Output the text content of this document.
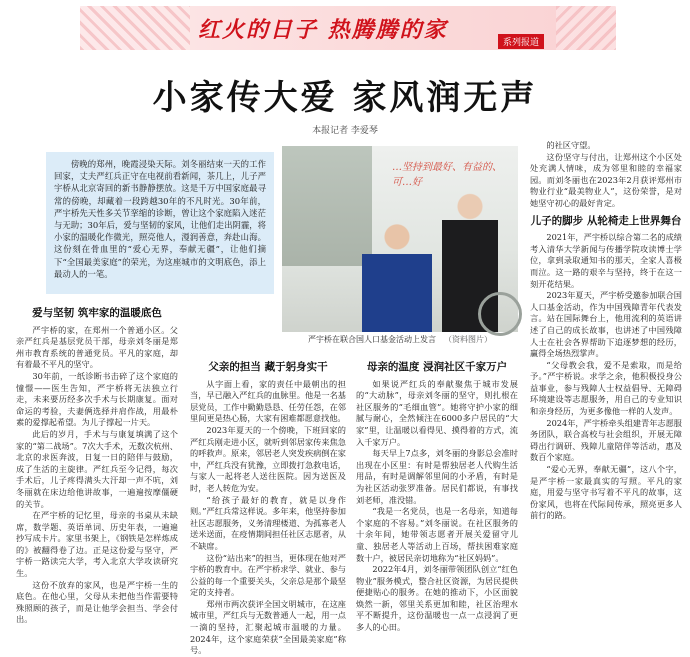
红火的日子 热腾腾的家	系列报道
小家传大爱 家风润无声
本报记者 李爱琴
傍晚的郑州，晚霞浸染天际。刘冬丽结束一天的工作回家，丈夫严红兵正守在电视前看新闻，茶几上，儿子严宇桥从北京寄回的新书静静摆放。这是千万中国家庭最寻常的傍晚，却藏着一段跨越30年的不凡时光。30年前，严宇桥先天性多关节挛缩的诊断，曾让这个家庭陷入迷茫与无助；30年后，爱与坚韧的家风，让他们走出阴霾，将小家的温暖化作微光，照亮他人，漫润善意，奔赴山海。这份刻在骨血里的“爱心无界，奉献无疆”，让他们摘下“全国最美家庭”的荣光，为这座城市的文明底色，添上最动人的一笔。
…坚持到最好、有益的、可…好
严宇桥在联合国人口基金活动上发言 （资料图片）
爱与坚韧 筑牢家的温暖底色

严宇桥的家，在郑州一个普通小区。父亲严红兵是基层党员干部，母亲刘冬丽是郑州市教育系统的普通党员。平凡的家庭，却有着最不平凡的坚守。

30年前，一纸诊断书击碎了这个家庭的憧憬——医生告知，严宇桥将无法独立行走，未来要历经多次手术与长期康复。面对命运的考验，夫妻俩选择并肩作战，用最朴素的爱撑起希望。为儿子撑起一片天。

此后的岁月，手术与与康复填满了这个家的“第二战场”。7次大手术，无数次杭州、北京的求医奔波，日复一日的陪伴与鼓励，成了生活的主旋律。严红兵至今记得，每次手术后，儿子疼得满头大汗却一声不吭，刘冬丽就在床边给他讲故事，一遍遍按摩僵硬的关节。

在严宇桥的记忆里，母亲的书桌从未缺席，数学题、英语单词、历史年表，一遍遍抄写成卡片。家里书架上，《钢铁是怎样炼成的》被翻得卷了边。正是这份爱与坚守，严宇桥一路读完大学，考入北京大学攻读研究生。

这份不放弃的家风，也是严宇桥一生的底色。在他心里，父母从未把他当作需要特殊照顾的孩子，而是让他学会担当、学会付出。

父亲的担当 藏于躬身实干

从字面上看，家的责任中最朝出的担当，早已融入严红兵的血脉里。他是一名基层党员，工作中勤勤恳恳、任劳任怨，在邻里间更是热心肠，大家有困难都愿意找他。

2023年夏天的一个傍晚，下班回家的严红兵刚走进小区，就听到邻居家传来焦急的呼救声。原来，邻居老人突发疾病倒在家中，严红兵没有犹豫，立即拨打急救电话，与家人一起将老人送往医院。因为送医及时，老人转危为安。

“给孩子最好的教育，就是以身作则。”严红兵常这样说。多年来，他坚持参加社区志愿服务，义务清理楼道、为孤寡老人送米送面，在疫情期间担任社区志愿者，从不缺席。

这份“站出来”的担当，更体现在他对严宇桥的教育中。在严宇桥求学、就业、参与公益的每一个重要关头，父亲总是那个最坚定的支持者。

郑州市两次获评全国文明城市，在这座城市里，严红兵与无数普通人一起，用一点一滴的坚持，汇聚起城市温暖的力量。2024年，这个家庭荣获“全国最美家庭”称号。

母亲的温度 浸润社区千家万户

如果说严红兵的奉献聚焦于城市发展的“大动脉”，母亲刘冬丽的坚守，则扎根在社区服务的“毛细血管”。她将守护小家的细腻与耐心，全然倾注在6000多户居民的“大家”里，让温暖以看得见、摸得着的方式，流入千家万户。

每天早上7点多，刘冬丽的身影总会准时出现在小区里：有时是帮独居老人代购生活用品，有时是调解邻里间的小矛盾，有时是为社区活动张罗准备。居民们都说，有事找刘老师，准没错。

“我是一名党员，也是一名母亲，知道每个家庭的不容易。”刘冬丽说。在社区服务的十余年间，她带领志愿者开展关爱留守儿童、独居老人等活动上百场，帮扶困难家庭数十户，被居民亲切地称为“社区妈妈”。

2022年4月，刘冬丽带领团队创立“红色物业”服务模式，整合社区资源，为居民提供便捷贴心的服务。在她的推动下，小区面貌焕然一新，邻里关系更加和睦，社区治理水平不断提升，这份温暖也一点一点浸润了更多人的心田。

的社区守望。

这份坚守与付出，让郑州这个小区处处充满人情味，成为邻里和睦的幸福家园。而刘冬丽也在2023年2月获评郑州市物业行业“最美物业人”，这份荣誉，是对她坚守初心的最好肯定。

儿子的脚步 从轮椅走上世界舞台

2021年，严宇桥以综合第二名的成绩考入清华大学新闻与传播学院攻读博士学位，拿到录取通知书的那天，全家人喜极而泣。这一路的艰辛与坚持，终于在这一刻开花结果。

2023年夏天，严宇桥受邀参加联合国人口基金活动，作为中国残障青年代表发言。站在国际舞台上，他用流利的英语讲述了自己的成长故事，也讲述了中国残障人士在社会各界帮助下追逐梦想的经历，赢得全场热烈掌声。

“父母教会我，爱不是索取，而是给予。”严宇桥说。求学之余，他积极投身公益事业，参与残障人士权益倡导、无障碍环境建设等志愿服务，用自己的专业知识和亲身经历，为更多像他一样的人发声。

2024年，严宇桥牵头组建青年志愿服务团队，联合高校与社会组织，开展无障碍出行调研、残障儿童陪伴等活动，惠及数百个家庭。

“爱心无界，奉献无疆”，这八个字，是严宇桥一家最真实的写照。平凡的家庭，用爱与坚守书写着不平凡的故事，这份家风，也将在代际间传承，照亮更多人前行的路。
